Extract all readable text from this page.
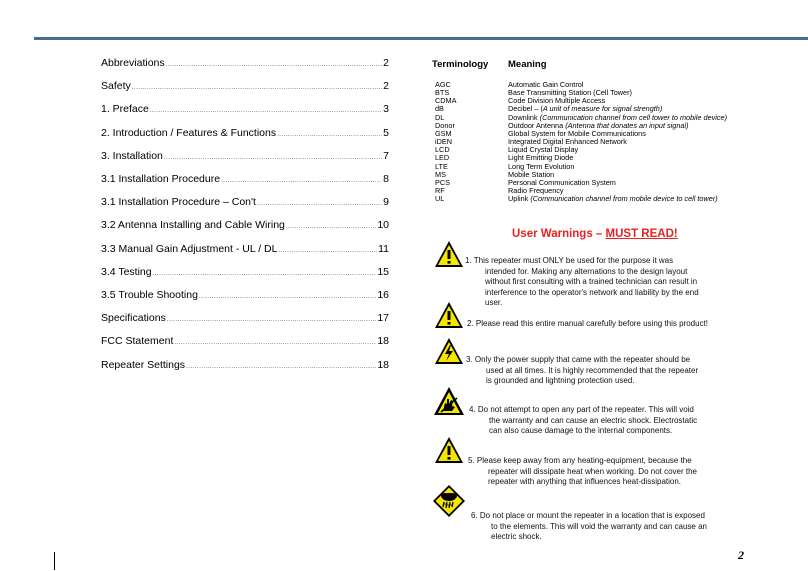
Abbreviations .....	2
Safety .....	2
1. Preface .....	3
2. Introduction / Features & Functions .....	5
3. Installation .....	7
3.1 Installation Procedure .....	8
3.1 Installation Procedure – Con't .....	9
3.2 Antenna Installing and Cable Wiring .....	10
3.3 Manual Gain Adjustment - UL / DL .....	11
3.4 Testing .....	15
3.5 Trouble Shooting .....	16
Specifications .....	17
FCC Statement .....	18
Repeater Settings .....	18
Terminology Meaning
AGC	Automatic Gain Control
BTS	Base Transmitting Station (Cell Tower)
CDMA	Code Division Multiple Access
dB	Decibel – (A unit of measure for signal strength)
DL	Downlink (Communication channel from cell tower to mobile device)
Donor	Outdoor Antenna (Antenna that donates an input signal)
GSM	Global System for Mobile Communications
iDEN	Integrated Digital Enhanced Network
LCD	Liquid Crystal Display
LED	Light Emitting Diode
LTE	Long Term Evolution
MS	Mobile Station
PCS	Personal Communication System
RF	Radio Frequency
UL	Uplink (Communication channel from mobile device to cell tower)
User Warnings – MUST READ!
1. This repeater must ONLY be used for the purpose it was
intended for. Making any alternations to the design layout
without first consulting with a trained technician can result in
interference to the operator's network and liability by the end
user.
2. Please read this entire manual carefully before using this product!
3. Only the power supply that came with the repeater should be
used at all times. It is highly recommended that the repeater
is grounded and lightning protection used.
4. Do not attempt to open any part of the repeater. This will void
the warranty and can cause an electric shock. Electrostatic
can also cause damage to the internal components.
5. Please keep away from any heating-equipment, because the
repeater will dissipate heat when working. Do not cover the
repeater with anything that influences heat-dissipation.
6. Do not place or mount the repeater in a location that is exposed
to the elements. This will void the warranty and can cause an
electric shock.
2
